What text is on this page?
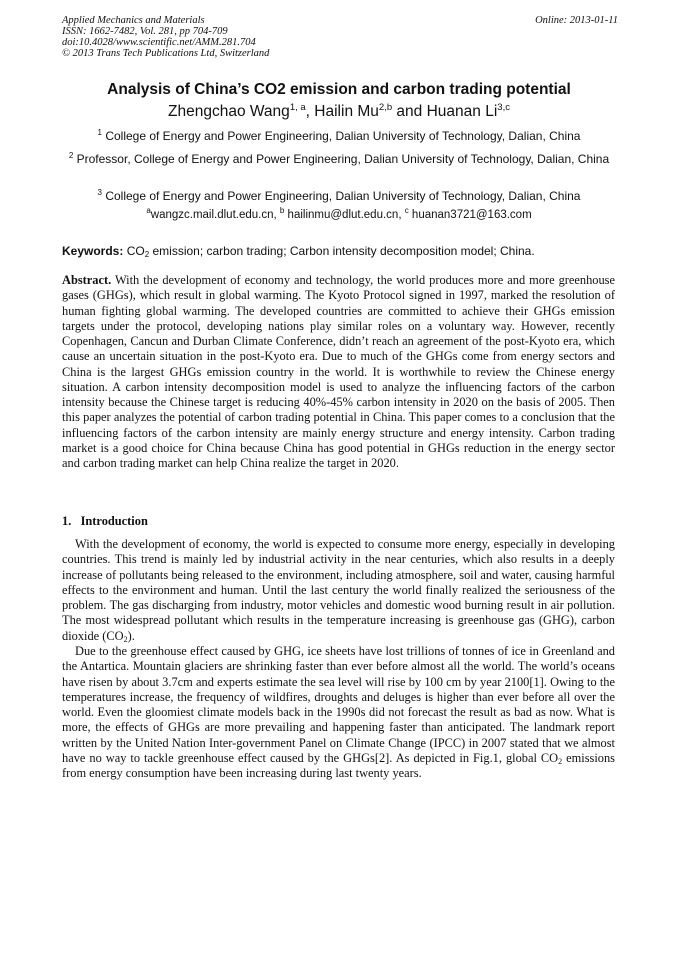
Applied Mechanics and Materials
ISSN: 1662-7482, Vol. 281, pp 704-709
doi:10.4028/www.scientific.net/AMM.281.704
© 2013 Trans Tech Publications Ltd, Switzerland
Online: 2013-01-11
Analysis of China’s CO2 emission and carbon trading potential
Zhengchao Wang$^{1, a}$, Hailin Mu$^{2,b}$ and Huanan Li$^{3,c}$
$^1$ College of Energy and Power Engineering, Dalian University of Technology, Dalian, China
$^2$ Professor, College of Energy and Power Engineering, Dalian University of Technology, Dalian, China
$^3$ College of Energy and Power Engineering, Dalian University of Technology, Dalian, China
$^a$wangzc.mail.dlut.edu.cn, $^b$ hailinmu@dlut.edu.cn, $^c$ huanan3721@163.com
Keywords: $CO_2$ emission; carbon trading; Carbon intensity decomposition model; China.
Abstract. With the development of economy and technology, the world produces more and more greenhouse gases (GHGs), which result in global warming. The Kyoto Protocol signed in 1997, marked the resolution of human fighting global warming. The developed countries are committed to achieve their GHGs emission targets under the protocol, developing nations play similar roles on a voluntary way. However, recently Copenhagen, Cancun and Durban Climate Conference, didn’t reach an agreement of the post-Kyoto era, which cause an uncertain situation in the post-Kyoto era. Due to much of the GHGs come from energy sectors and China is the largest GHGs emission country in the world. It is worthwhile to review the Chinese energy situation. A carbon intensity decomposition model is used to analyze the influencing factors of the carbon intensity because the Chinese target is reducing 40%-45% carbon intensity in 2020 on the basis of 2005. Then this paper analyzes the potential of carbon trading potential in China. This paper comes to a conclusion that the influencing factors of the carbon intensity are mainly energy structure and energy intensity. Carbon trading market is a good choice for China because China has good potential in GHGs reduction in the energy sector and carbon trading market can help China realize the target in 2020.
1. Introduction
With the development of economy, the world is expected to consume more energy, especially in developing countries. This trend is mainly led by industrial activity in the near centuries, which also results in a deeply increase of pollutants being released to the environment, including atmosphere, soil and water, causing harmful effects to the environment and human. Until the last century the world finally realized the seriousness of the problem. The gas discharging from industry, motor vehicles and domestic wood burning result in air pollution. The most widespread pollutant which results in the temperature increasing is greenhouse gas (GHG), carbon dioxide $(CO_2)$.
Due to the greenhouse effect caused by GHG, ice sheets have lost trillions of tonnes of ice in Greenland and the Antartica. Mountain glaciers are shrinking faster than ever before almost all the world. The world’s oceans have risen by about 3.7cm and experts estimate the sea level will rise by 100 cm by year 2100[1]. Owing to the temperatures increase, the frequency of wildfires, droughts and deluges is higher than ever before all over the world. Even the gloomiest climate models back in the 1990s did not forecast the result as bad as now. What is more, the effects of GHGs are more prevailing and happening faster than anticipated. The landmark report written by the United Nation Inter-government Panel on Climate Change (IPCC) in 2007 stated that we almost have no way to tackle greenhouse effect caused by the GHGs[2]. As depicted in Fig.1, global $CO_2$ emissions from energy consumption have been increasing during last twenty years.
